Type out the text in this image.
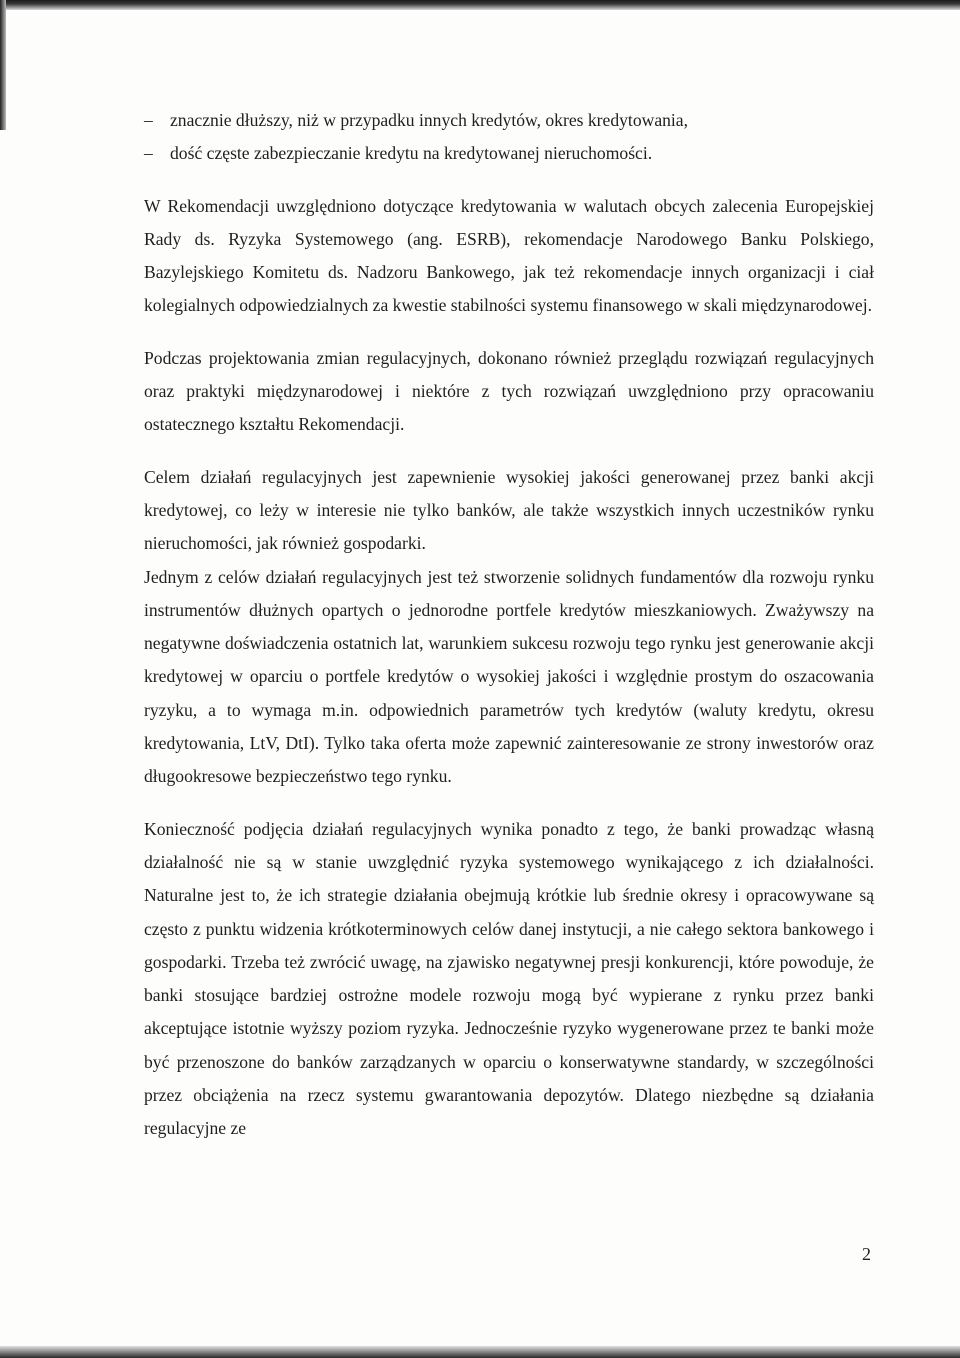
– znacznie dłuższy, niż w przypadku innych kredytów, okres kredytowania,
– dość częste zabezpieczanie kredytu na kredytowanej nieruchomości.

W Rekomendacji uwzględniono dotyczące kredytowania w walutach obcych zalecenia Europejskiej Rady ds. Ryzyka Systemowego (ang. ESRB), rekomendacje Narodowego Banku Polskiego, Bazylejskiego Komitetu ds. Nadzoru Bankowego, jak też rekomendacje innych organizacji i ciał kolegialnych odpowiedzialnych za kwestie stabilności systemu finansowego w skali międzynarodowej.

Podczas projektowania zmian regulacyjnych, dokonano również przeglądu rozwiązań regulacyjnych oraz praktyki międzynarodowej i niektóre z tych rozwiązań uwzględniono przy opracowaniu ostatecznego kształtu Rekomendacji.

Celem działań regulacyjnych jest zapewnienie wysokiej jakości generowanej przez banki akcji kredytowej, co leży w interesie nie tylko banków, ale także wszystkich innych uczestników rynku nieruchomości, jak również gospodarki.

Jednym z celów działań regulacyjnych jest też stworzenie solidnych fundamentów dla rozwoju rynku instrumentów dłużnych opartych o jednorodne portfele kredytów mieszkaniowych. Zważywszy na negatywne doświadczenia ostatnich lat, warunkiem sukcesu rozwoju tego rynku jest generowanie akcji kredytowej w oparciu o portfele kredytów o wysokiej jakości i względnie prostym do oszacowania ryzyku, a to wymaga m.in. odpowiednich parametrów tych kredytów (waluty kredytu, okresu kredytowania, LtV, DtI). Tylko taka oferta może zapewnić zainteresowanie ze strony inwestorów oraz długookresowe bezpieczeństwo tego rynku.

Konieczność podjęcia działań regulacyjnych wynika ponadto z tego, że banki prowadząc własną działalność nie są w stanie uwzględnić ryzyka systemowego wynikającego z ich działalności. Naturalne jest to, że ich strategie działania obejmują krótkie lub średnie okresy i opracowywane są często z punktu widzenia krótkoterminowych celów danej instytucji, a nie całego sektora bankowego i gospodarki. Trzeba też zwrócić uwagę, na zjawisko negatywnej presji konkurencji, które powoduje, że banki stosujące bardziej ostrożne modele rozwoju mogą być wypierane z rynku przez banki akceptujące istotnie wyższy poziom ryzyka. Jednocześnie ryzyko wygenerowane przez te banki może być przenoszone do banków zarządzanych w oparciu o konserwatywne standardy, w szczególności przez obciążenia na rzecz systemu gwarantowania depozytów. Dlatego niezbędne są działania regulacyjne ze

2
